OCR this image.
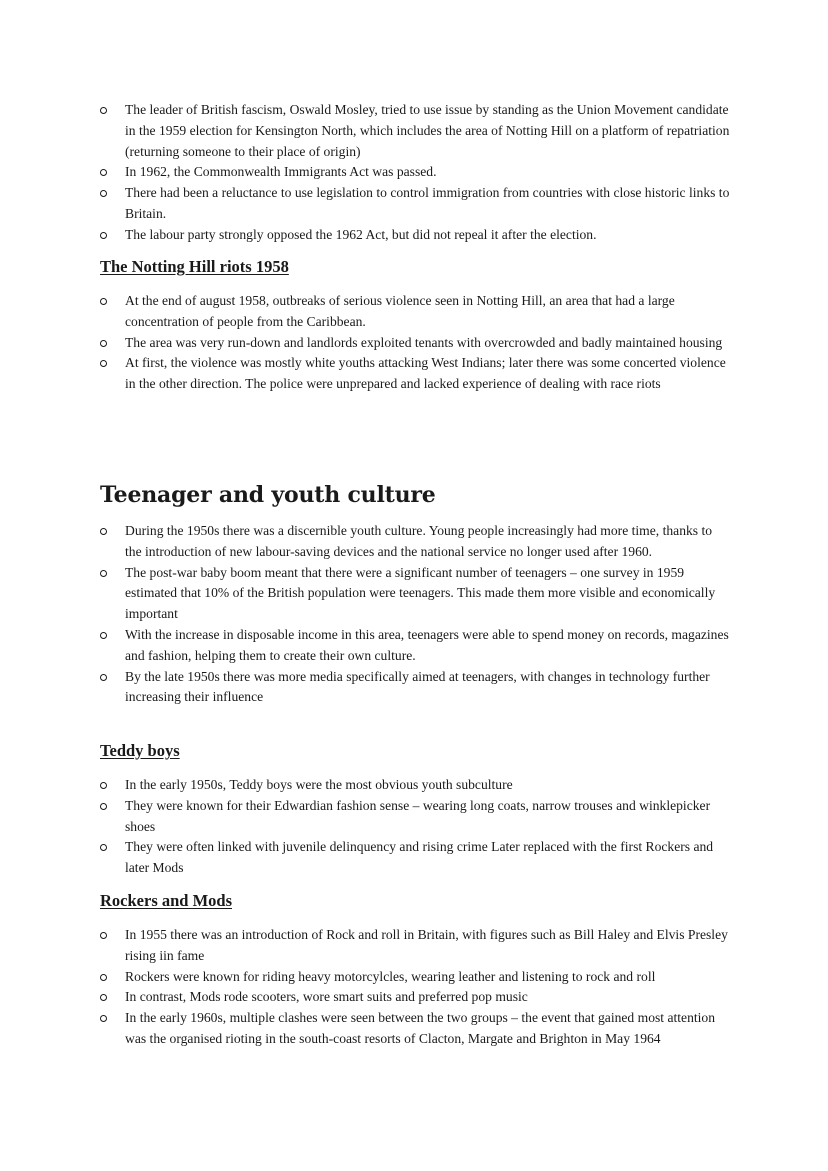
The leader of British fascism, Oswald Mosley, tried to use issue by standing as the Union Movement candidate in the 1959 election for Kensington North, which includes the area of Notting Hill on a platform of repatriation (returning someone to their place of origin)
In 1962, the Commonwealth Immigrants Act was passed.
There had been a reluctance to use legislation to control immigration from countries with close historic links to Britain.
The labour party strongly opposed the 1962 Act, but did not repeal it after the election.
The Notting Hill riots 1958
At the end of august 1958, outbreaks of serious violence seen in Notting Hill, an area that had a large concentration of people from the Caribbean.
The area was very run-down and landlords exploited tenants with overcrowded and badly maintained housing
At first, the violence was mostly white youths attacking West Indians; later there was some concerted violence in the other direction. The police were unprepared and lacked experience of dealing with race riots
Teenager and youth culture
During the 1950s there was a discernible youth culture. Young people increasingly had more time, thanks to the introduction of new labour-saving devices and the national service no longer used after 1960.
The post-war baby boom meant that there were a significant number of teenagers – one survey in 1959 estimated that 10% of the British population were teenagers. This made them more visible and economically important
With the increase in disposable income in this area, teenagers were able to spend money on records, magazines and fashion, helping them to create their own culture.
By the late 1950s there was more media specifically aimed at teenagers, with changes in technology further increasing their influence
Teddy boys
In the early 1950s, Teddy boys were the most obvious youth subculture
They were known for their Edwardian fashion sense – wearing long coats, narrow trouses and winklepicker shoes
They were often linked with juvenile delinquency and rising crime Later replaced with the first Rockers and later Mods
Rockers and Mods
In 1955 there was an introduction of Rock and roll in Britain, with figures such as Bill Haley and Elvis Presley rising iin fame
Rockers were known for riding heavy motorcylcles, wearing leather and listening to rock and roll
In contrast, Mods rode scooters, wore smart suits and preferred pop music
In the early 1960s, multiple clashes were seen between the two groups – the event that gained most attention was the organised rioting in the south-coast resorts of Clacton, Margate and Brighton in May 1964
